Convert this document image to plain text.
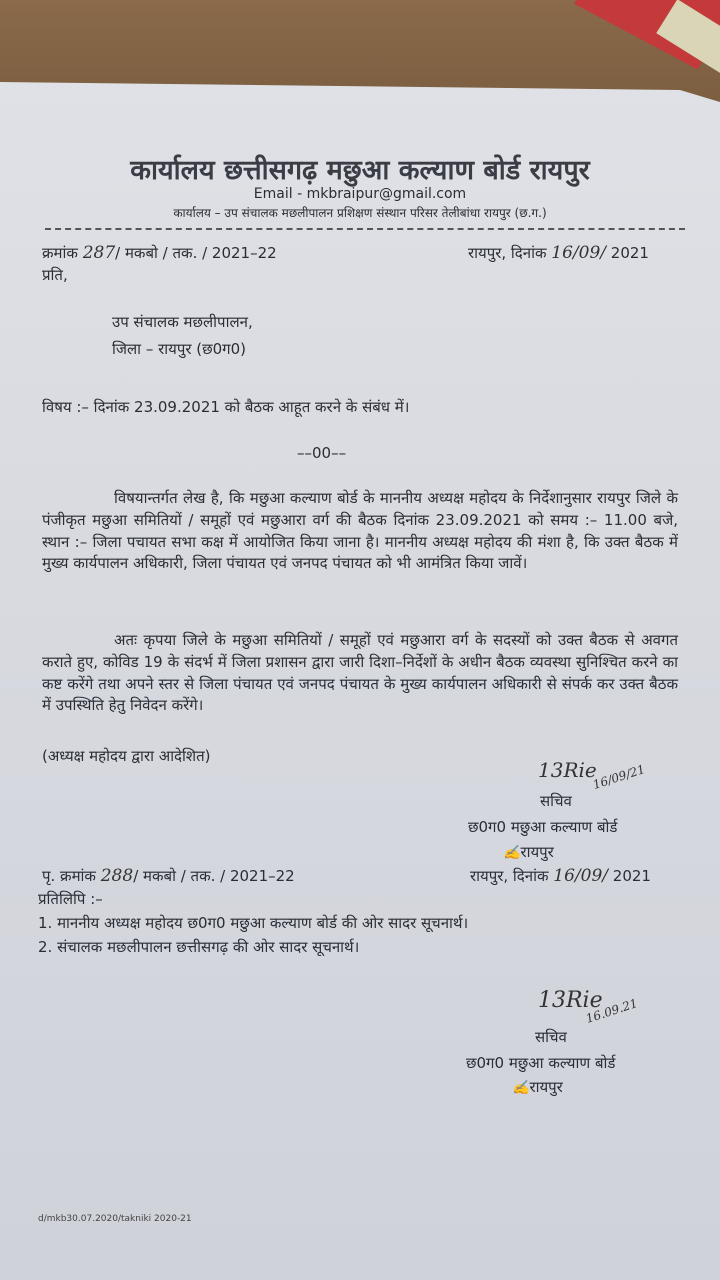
कार्यालय छत्तीसगढ़ मछुआ कल्याण बोर्ड रायपुर
Email - mkbraipur@gmail.com
कार्यालय – उप संचालक मछलीपालन प्रशिक्षण संस्थान परिसर तेलीबांधा रायपुर (छ.ग.)
क्रमांक 287/ मकबो / तक. / 2021–22	रायपुर, दिनांक 16/09/ 2021
प्रति,
उप संचालक मछलीपालन,
जिला – रायपुर (छ0ग0)
विषय :– दिनांक 23.09.2021 को बैठक आहूत करने के संबंध में।
––00––
विषयान्तर्गत लेख है, कि मछुआ कल्याण बोर्ड के माननीय अध्यक्ष महोदय के निर्देशानुसार रायपुर जिले के पंजीकृत मछुआ समितियों / समूहों एवं मछुआरा वर्ग की बैठक दिनांक 23.09.2021 को समय :– 11.00 बजे, स्थान :– जिला पचायत सभा कक्ष में आयोजित किया जाना है। माननीय अध्यक्ष महोदय की मंशा है, कि उक्त बैठक में मुख्य कार्यपालन अधिकारी, जिला पंचायत एवं जनपद पंचायत को भी आमंत्रित किया जावें।
अतः कृपया जिले के मछुआ समितियों / समूहों एवं मछुआरा वर्ग के सदस्यों को उक्त बैठक से अवगत कराते हुए, कोविड 19 के संदर्भ में जिला प्रशासन द्वारा जारी दिशा–निर्देशों के अधीन बैठक व्यवस्था सुनिश्चित करने का कष्ट करेंगे तथा अपने स्तर से जिला पंचायत एवं जनपद पंचायत के मुख्य कार्यपालन अधिकारी से संपर्क कर उक्त बैठक में उपस्थिति हेतु निवेदन करेंगे।
(अध्यक्ष महोदय द्वारा आदेशित)
13Rie
16/09/21
सचिव
छ0ग0 मछुआ कल्याण बोर्ड
✍रायपुर
पृ. क्रमांक 288/ मकबो / तक. / 2021–22	रायपुर, दिनांक 16/09/ 2021
प्रतिलिपि :–
1. माननीय अध्यक्ष महोदय छ0ग0 मछुआ कल्याण बोर्ड की ओर सादर सूचनार्थ।
2. संचालक मछलीपालन छत्तीसगढ़ की ओर सादर सूचनार्थ।
13Rie
16.09.21
सचिव
छ0ग0 मछुआ कल्याण बोर्ड
✍रायपुर
d/mkb30.07.2020/takniki 2020-21
